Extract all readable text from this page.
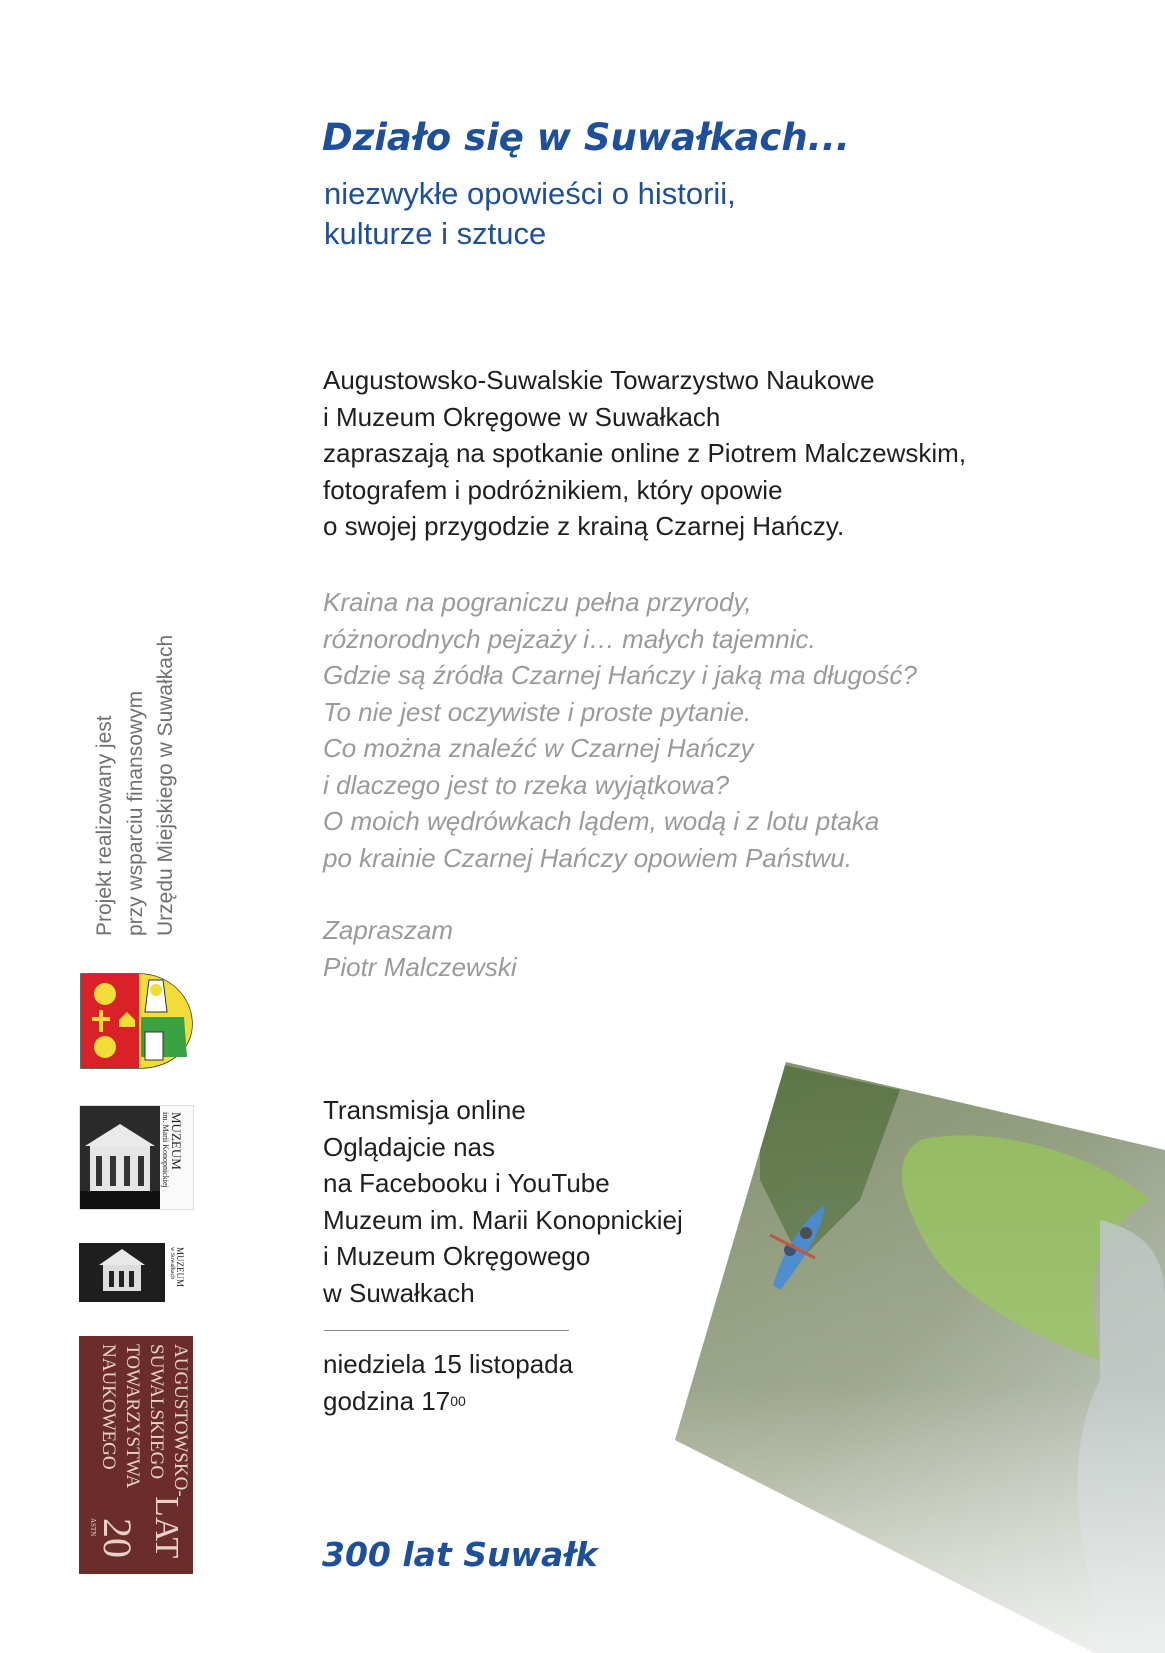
Działo się w Suwałkach...
niezwykłe opowieści o historii,
kulturze i sztuce
Augustowsko-Suwalskie Towarzystwo Naukowe
i Muzeum Okręgowe w Suwałkach
zapraszają na spotkanie online z Piotrem Malczewskim,
fotografem i podróżnikiem, który opowie
o swojej przygodzie z krainą Czarnej Hańczy.
Kraina na pograniczu pełna przyrody,
różnorodnych pejzaży i… małych tajemnic.
Gdzie są źródła Czarnej Hańczy i jaką ma długość?
To nie jest oczywiste i proste pytanie.
Co można znaleźć w Czarnej Hańczy
i dlaczego jest to rzeka wyjątkowa?
O moich wędrówkach lądem, wodą i z lotu ptaka
po krainie Czarnej Hańczy opowiem Państwu.
Zapraszam
Piotr Malczewski
Transmisja online
Oglądajcie nas
na Facebooku i YouTube
Muzeum im. Marii Konopnickiej
i Muzeum Okręgowego
w Suwałkach
niedziela 15 listopada
godzina $17^{00}$
300 lat Suwałk
Projekt realizowany jest przy wsparciu finansowym Urzędu Miejskiego w Suwałkach
MUZEUM
im. Marii Konopnickiej
MUZEUM
w Suwałkach
AUGUSTOWSKO-
SUWALSKIEGO
TOWARZYSTWA
NAUKOWEGO
20
ASTN LAT
